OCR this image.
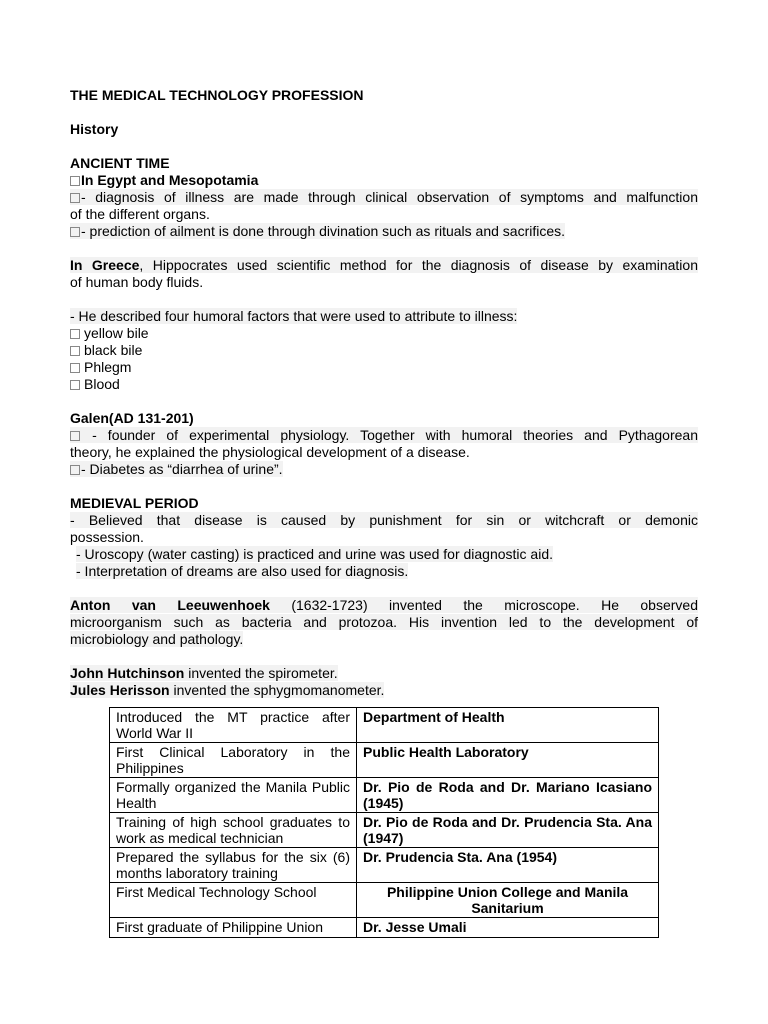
THE MEDICAL TECHNOLOGY PROFESSION

History

ANCIENT TIME

In Egypt and Mesopotamia

- diagnosis of illness are made through clinical observation of symptoms and malfunction

of the different organs.

- prediction of ailment is done through divination such as rituals and sacrifices.

In Greece, Hippocrates used scientific method for the diagnosis of disease by examination

of human body fluids.

- He described four humoral factors that were used to attribute to illness:

yellow bile

black bile

Phlegm

Blood

Galen(AD 131-201)

- founder of experimental physiology. Together with humoral theories and Pythagorean

theory, he explained the physiological development of a disease.

- Diabetes as “diarrhea of urine”.

MEDIEVAL PERIOD

- Believed that disease is caused by punishment for sin or witchcraft or demonic

possession.

- Uroscopy (water casting) is practiced and urine was used for diagnostic aid.

- Interpretation of dreams are also used for diagnosis.

Anton van Leeuwenhoek (1632-1723) invented the microscope. He observed

microorganism such as bacteria and protozoa. His invention led to the development of

microbiology and pathology.

John Hutchinson invented the spirometer.

Jules Herisson invented the sphygmomanometer.

Introduced the MT practice after World War II	Department of Health
First Clinical Laboratory in the Philippines	Public Health Laboratory
Formally organized the Manila Public Health	Dr. Pio de Roda and Dr. Mariano Icasiano (1945)
Training of high school graduates to work as medical technician	Dr. Pio de Roda and Dr. Prudencia Sta. Ana (1947)
Prepared the syllabus for the six (6) months laboratory training	Dr. Prudencia Sta. Ana (1954)
First Medical Technology School	Philippine Union College and Manila Sanitarium
First graduate of Philippine Union	Dr. Jesse Umali
